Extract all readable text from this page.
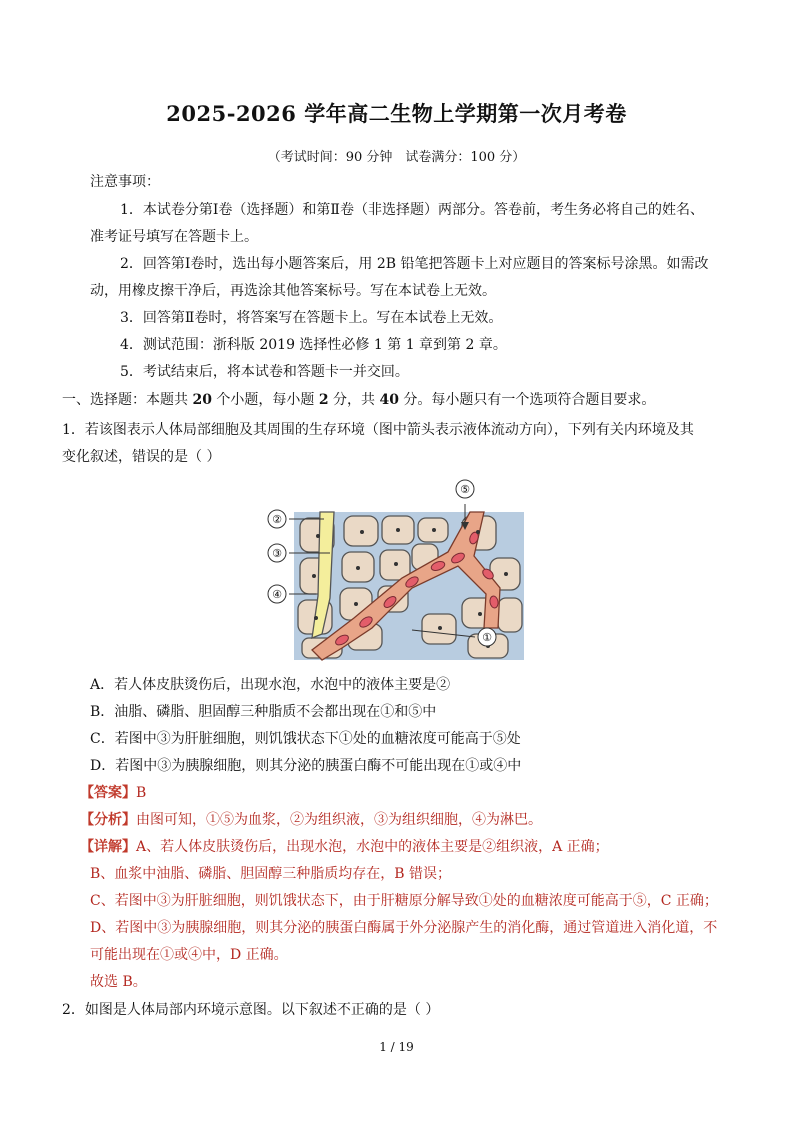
2025-2026 学年高二生物上学期第一次月考卷
（考试时间：90 分钟　试卷满分：100 分）
注意事项：
1．本试卷分第Ⅰ卷（选择题）和第Ⅱ卷（非选择题）两部分。答卷前，考生务必将自己的姓名、
准考证号填写在答题卡上。
2．回答第Ⅰ卷时，选出每小题答案后，用 2B 铅笔把答题卡上对应题目的答案标号涂黑。如需改
动，用橡皮擦干净后，再选涂其他答案标号。写在本试卷上无效。
3．回答第Ⅱ卷时，将答案写在答题卡上。写在本试卷上无效。
4．测试范围：浙科版 2019 选择性必修 1 第 1 章到第 2 章。
5．考试结束后，将本试卷和答题卡一并交回。
一、选择题：本题共 20 个小题，每小题 2 分，共 40 分。每小题只有一个选项符合题目要求。
1．若该图表示人体局部细胞及其周围的生存环境（图中箭头表示液体流动方向），下列有关内环境及其
变化叙述，错误的是（ ）
②
③
④
⑤
①
A．若人体皮肤烫伤后，出现水泡，水泡中的液体主要是②
B．油脂、磷脂、胆固醇三种脂质不会都出现在①和⑤中
C．若图中③为肝脏细胞，则饥饿状态下①处的血糖浓度可能高于⑤处
D．若图中③为胰腺细胞，则其分泌的胰蛋白酶不可能出现在①或④中
【答案】B
【分析】由图可知，①⑤为血浆，②为组织液，③为组织细胞，④为淋巴。
【详解】A、若人体皮肤烫伤后，出现水泡，水泡中的液体主要是②组织液，A 正确；
B、血浆中油脂、磷脂、胆固醇三种脂质均存在，B 错误；
C、若图中③为肝脏细胞，则饥饿状态下，由于肝糖原分解导致①处的血糖浓度可能高于⑤，C 正确；
D、若图中③为胰腺细胞，则其分泌的胰蛋白酶属于外分泌腺产生的消化酶，通过管道进入消化道，不
可能出现在①或④中，D 正确。
故选 B。
2．如图是人体局部内环境示意图。以下叙述不正确的是（ ）
1 / 19
